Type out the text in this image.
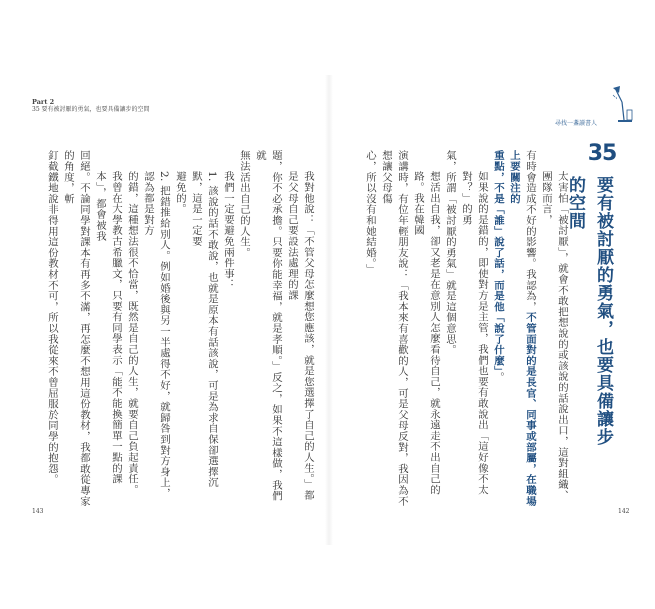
Part 2
35 要有被討厭的勇氣，也要具備讓步的空間
尋找一盞讀書人
35
要有被討厭的勇氣，也要具備讓步的空間
太害怕「被討厭」，就會不敢把想說的或該說的話說出口，這對組織、團隊而言，
有時會造成不好的影響。我認為，不管面對的是長官、同事或部屬，在職場上要關注的
重點，不是「誰」說了話，而是他「說了什麼」。
如果說的是錯的，即使對方是主管，我們也要有敢說出「這好像不太對？」的勇
氣，所謂「被討厭的勇氣」就是這個意思。
想活出自我，卻又老是在意別人怎麼看待自己，就永遠走不出自己的路。我在韓國
演講時，有位年輕朋友說：「我本來有喜歡的人，可是父母反對，我因為不想讓父母傷
心，所以沒有和她結婚。」
我對他說：「不管父母怎麼想您應該，就是您選擇了自己的人生。」都是父母自己要設法處理的課
題，你不必承擔。只要你能幸福，就是孝順。」反之，如果不這樣做，我們就
無法活出自己的人生。
我們一定要避免兩件事：
1. 該說的話不敢說，也就是原本有話該說，可是為求自保卻選擇沉默，這是一定要
避免的。
2. 把錯推給別人。例如婚後與另一半處得不好，就歸咎到對方身上，認為都是對方
的錯，這種想法很不恰當，既然是自己的人生，就要自己負起責任。
我曾在大學教古希臘文，只要有同學表示「能不能換簡單一點的課本」，都會被我
回絕。不論同學對課本有再多不滿，再怎麼不想用這份教材，我都敢從專家的角度，斬
釘截鐵地說非得用這份教材不可，所以我從來不曾屈服於同學的抱怨。
143	142
